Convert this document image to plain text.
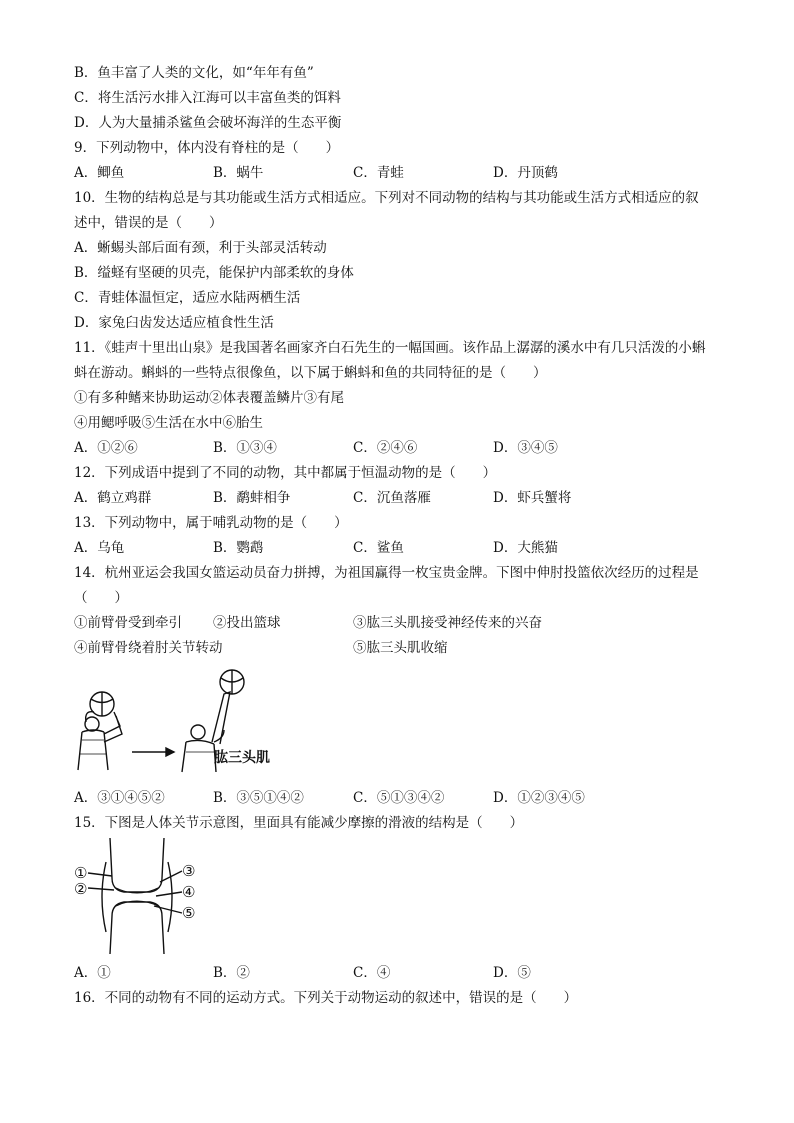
B．鱼丰富了人类的文化，如“年年有鱼”
C．将生活污水排入江海可以丰富鱼类的饵料
D．人为大量捕杀鲨鱼会破坏海洋的生态平衡
9．下列动物中，体内没有脊柱的是（　　）
A．鲫鱼	B．蜗牛	C．青蛙	D．丹顶鹤
10．生物的结构总是与其功能或生活方式相适应。下列对不同动物的结构与其功能或生活方式相适应的叙
述中，错误的是（　　）
A．蜥蜴头部后面有颈，利于头部灵活转动
B．缢蛏有坚硬的贝壳，能保护内部柔软的身体
C．青蛙体温恒定，适应水陆两栖生活
D．家兔臼齿发达适应植食性生活
11．《蛙声十里出山泉》是我国著名画家齐白石先生的一幅国画。该作品上潺潺的溪水中有几只活泼的小蝌
蚪在游动。蝌蚪的一些特点很像鱼，以下属于蝌蚪和鱼的共同特征的是（　　）
①有多种鳍来协助运动②体表覆盖鳞片③有尾
④用鳃呼吸⑤生活在水中⑥胎生
A．①②⑥	B．①③④	C．②④⑥	D．③④⑤
12．下列成语中提到了不同的动物，其中都属于恒温动物的是（　　）
A．鹤立鸡群	B．鹬蚌相争	C．沉鱼落雁	D．虾兵蟹将
13．下列动物中，属于哺乳动物的是（　　）
A．乌龟	B．鹦鹉	C．鲨鱼	D．大熊猫
14．杭州亚运会我国女篮运动员奋力拼搏，为祖国赢得一枚宝贵金牌。下图中伸肘投篮依次经历的过程是
（　　）
①前臂骨受到牵引 ②投出篮球	③肱三头肌接受神经传来的兴奋
④前臂骨绕着肘关节转动	⑤肱三头肌收缩
肱三头肌
A．③①④⑤②	B．③⑤①④②	C．⑤①③④②	D．①②③④⑤
15．下图是人体关节示意图，里面具有能减少摩擦的滑液的结构是（　　）
①
②
③
④
⑤
A．①	B．②	C．④	D．⑤
16．不同的动物有不同的运动方式。下列关于动物运动的叙述中，错误的是（　　）
